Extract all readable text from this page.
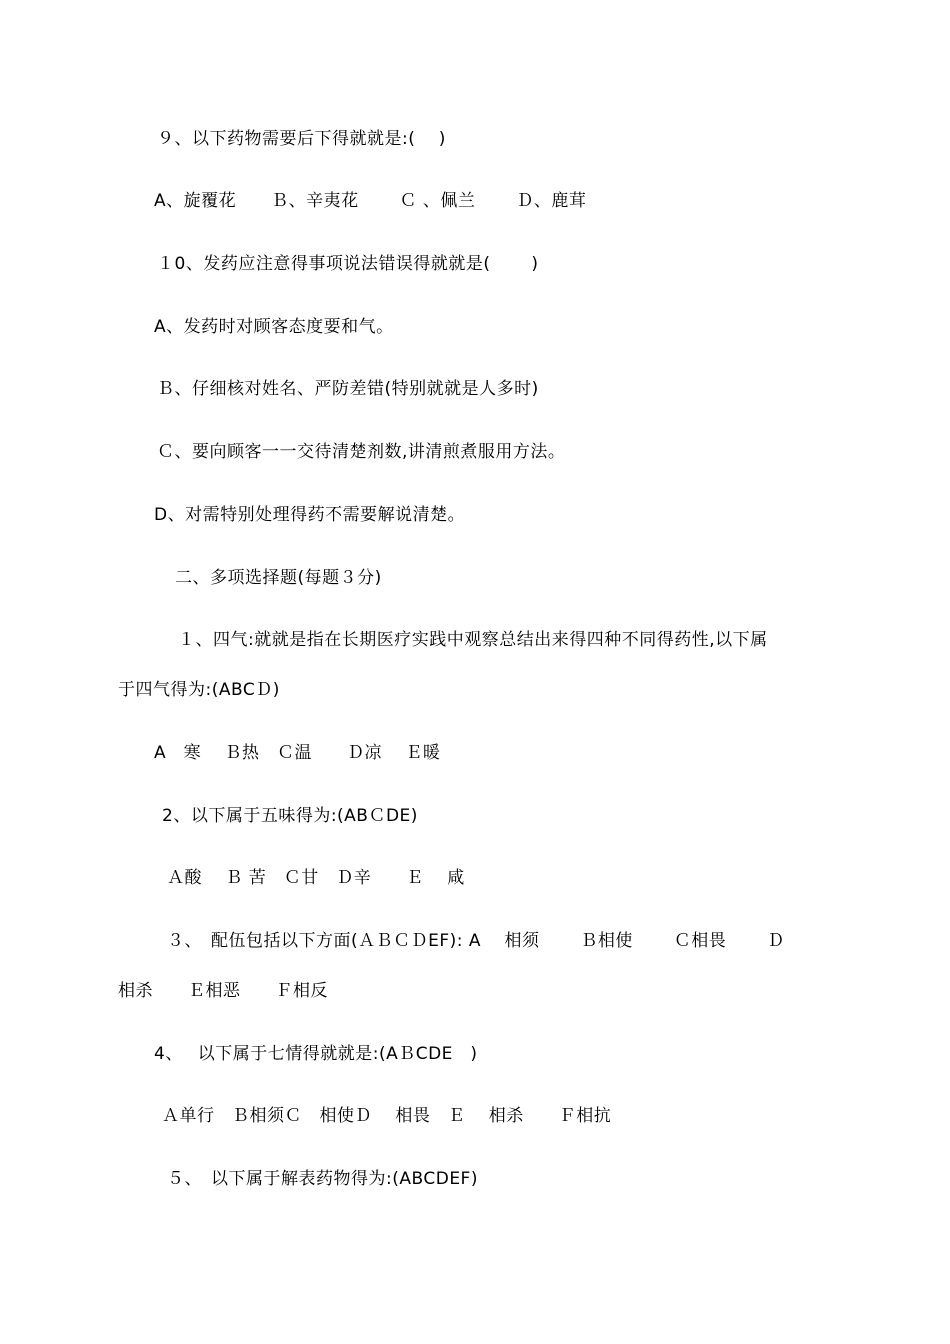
９、以下药物需要后下得就就是:(　 )
A、旋覆花　　Ｂ、辛夷花　　 Ｃ 、佩兰　　 Ｄ、鹿茸
１0、发药应注意得事项说法错误得就就是(　　 )
A、发药时对顾客态度要和气。
Ｂ、仔细核对姓名、严防差错(特别就就是人多时)
Ｃ、要向顾客一一交待清楚剂数,讲清煎煮服用方法。
D、对需特别处理得药不需要解说清楚。
二、多项选择题(每题３分)
１、四气:就就是指在长期医疗实践中观察总结出来得四种不同得药性,以下属
于四气得为:(ABCＤ)
A　寒　 Ｂ热　Ｃ温　　Ｄ凉　 Ｅ暖
2、以下属于五味得为:(ABＣDE)
Ａ酸　 Ｂ 苦　Ｃ甘　Ｄ辛　　Ｅ　 咸
３、　配伍包括以下方面(ＡＢＣＤEF): A　 相须　　 Ｂ相使　　 Ｃ相畏　　 Ｄ
相杀　　Ｅ相恶　　Ｆ相反
4、　 以下属于七情得就就是:(AＢCDE　)
Ａ单行　Ｂ相须Ｃ　相使Ｄ　 相畏　Ｅ　 相杀　　Ｆ相抗
５、　以下属于解表药物得为:(ABCDEF)
